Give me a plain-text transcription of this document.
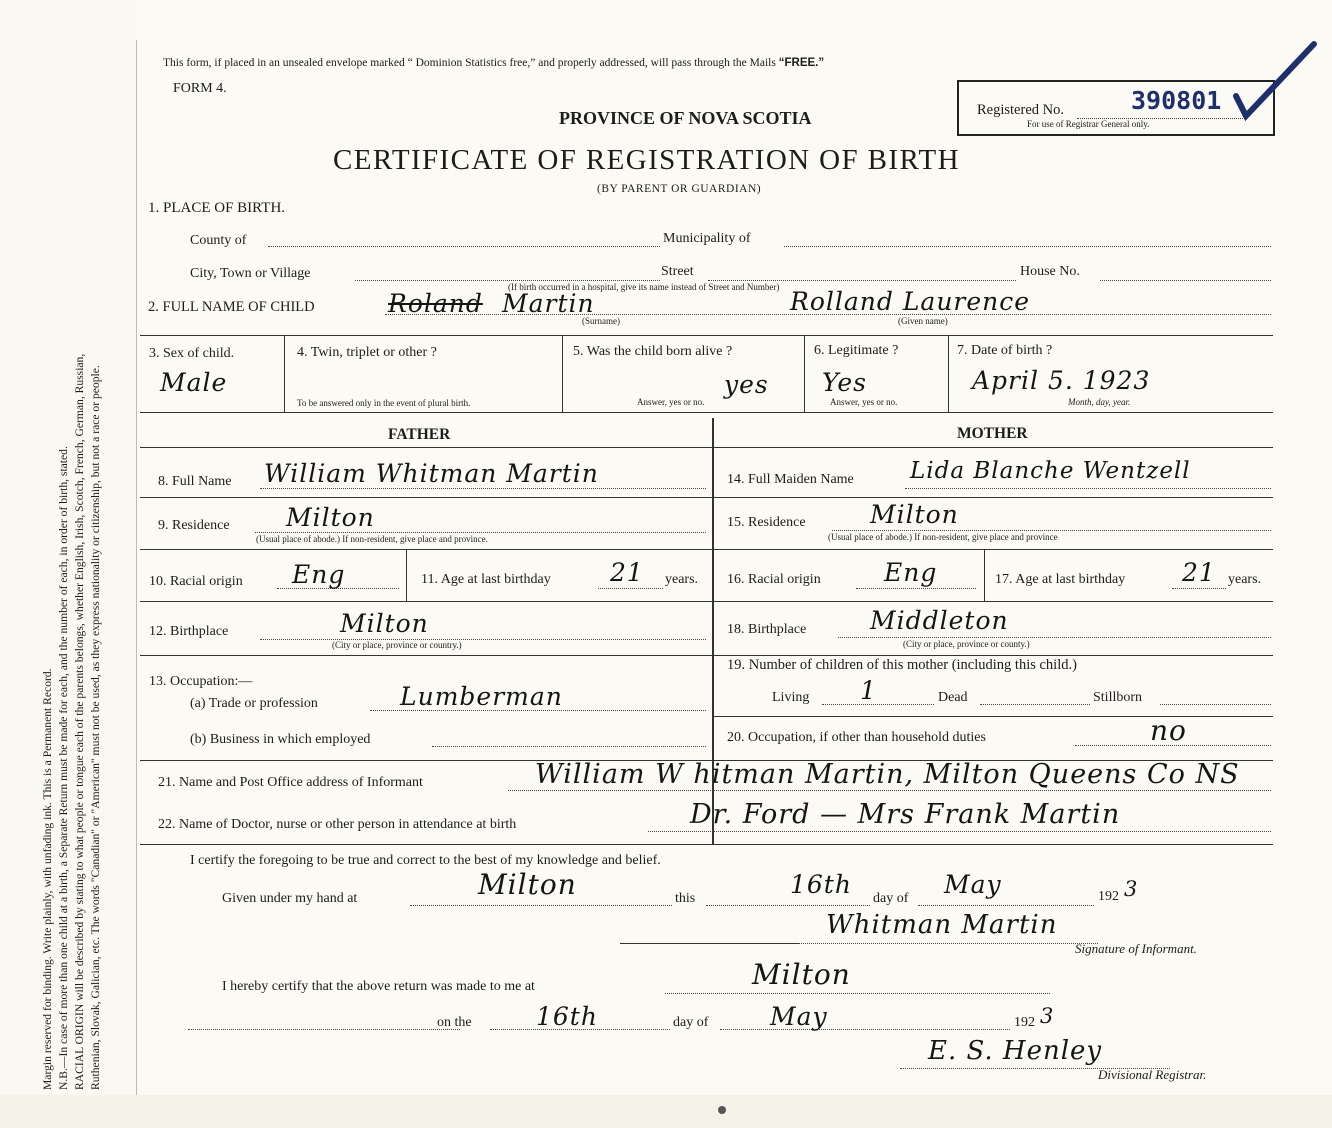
Margin reserved for binding. Write plainly, with unfading ink. This is a Permanent Record. N.B.—In case of more than one child at a birth, a Separate Return must be made for each, and the number of each, in order of birth, stated. RACIAL ORIGIN will be described by stating to what people or tongue each of the parents belongs, whether English, Irish, Scotch, French, German, Russian, Ruthenian, Slovak, Galician, etc. The words "Canadian" or "American" must not be used, as they express nationality or citizenship, but not a race or people.
This form, if placed in an unsealed envelope marked “ Dominion Statistics free,” and properly addressed, will pass through the Mails “FREE.”
FORM 4.
PROVINCE OF NOVA SCOTIA
CERTIFICATE OF REGISTRATION OF BIRTH
(BY PARENT OR GUARDIAN)
Registered No.	390801
For use of Registrar General only.
1. PLACE OF BIRTH.
County of	Municipality of
City, Town or Village	Street	House No.
(If birth occurred in a hospital, give its name instead of Street and Number)
2. FULL NAME OF CHILD	Roland Martin	Rolland Laurence
(Surname)	(Given name)
3. Sex of child.
Male
4. Twin, triplet or other ?
To be answered only in the event of plural birth.
5. Was the child born alive ?
yes
Answer, yes or no.
6. Legitimate ?
Yes
Answer, yes or no.
7. Date of birth ?
April 5. 1923
Month, day, year.
FATHER	MOTHER
8. Full Name William Whitman Martin	14. Full Maiden Name Lida Blanche Wentzell
9. Residence Milton
(Usual place of abode.) If non-resident, give place and province.
15. Residence	Milton
(Usual place of abode.) If non-resident, give place and province
10. Racial origin Eng	11. Age at last birthday 21 years. 16. Racial origin	Eng	17. Age at last birthday 21 years.
12. Birthplace	Milton
(City or place, province or country.)
18. Birthplace	Middleton
(City or place, province or county.)
13. Occupation:—
(a) Trade or profession	Lumberman
(b) Business in which employed
19. Number of children of this mother (including this child.)
Living 1	Dead	Stillborn
20. Occupation, if other than household duties	no
21. Name and Post Office address of Informant	William W hitman Martin, Milton Queens Co NS
22. Name of Doctor, nurse or other person in attendance at birth	Dr. Ford — Mrs Frank Martin
I certify the foregoing to be true and correct to the best of my knowledge and belief.
Given under my hand at	Milton	this	16th day of May	192 3
Whitman Martin
Signature of Informant.
I hereby certify that the above return was made to me at	Milton
on the	16th	day of May	192 3
E. S. Henley
Divisional Registrar.
